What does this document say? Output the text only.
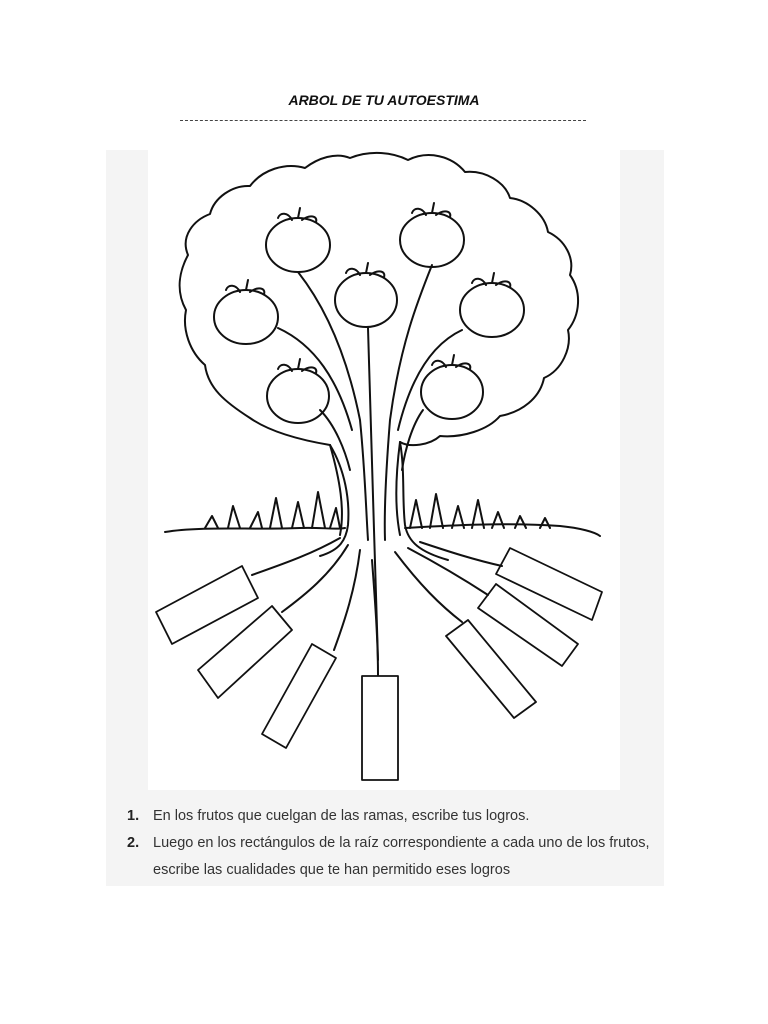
ARBOL DE TU AUTOESTIMA
1. En los frutos que cuelgan de las ramas, escribe tus logros.
2. Luego en los rectángulos de la raíz correspondiente a cada uno de los frutos, escribe las cualidades que te han permitido eses logros
